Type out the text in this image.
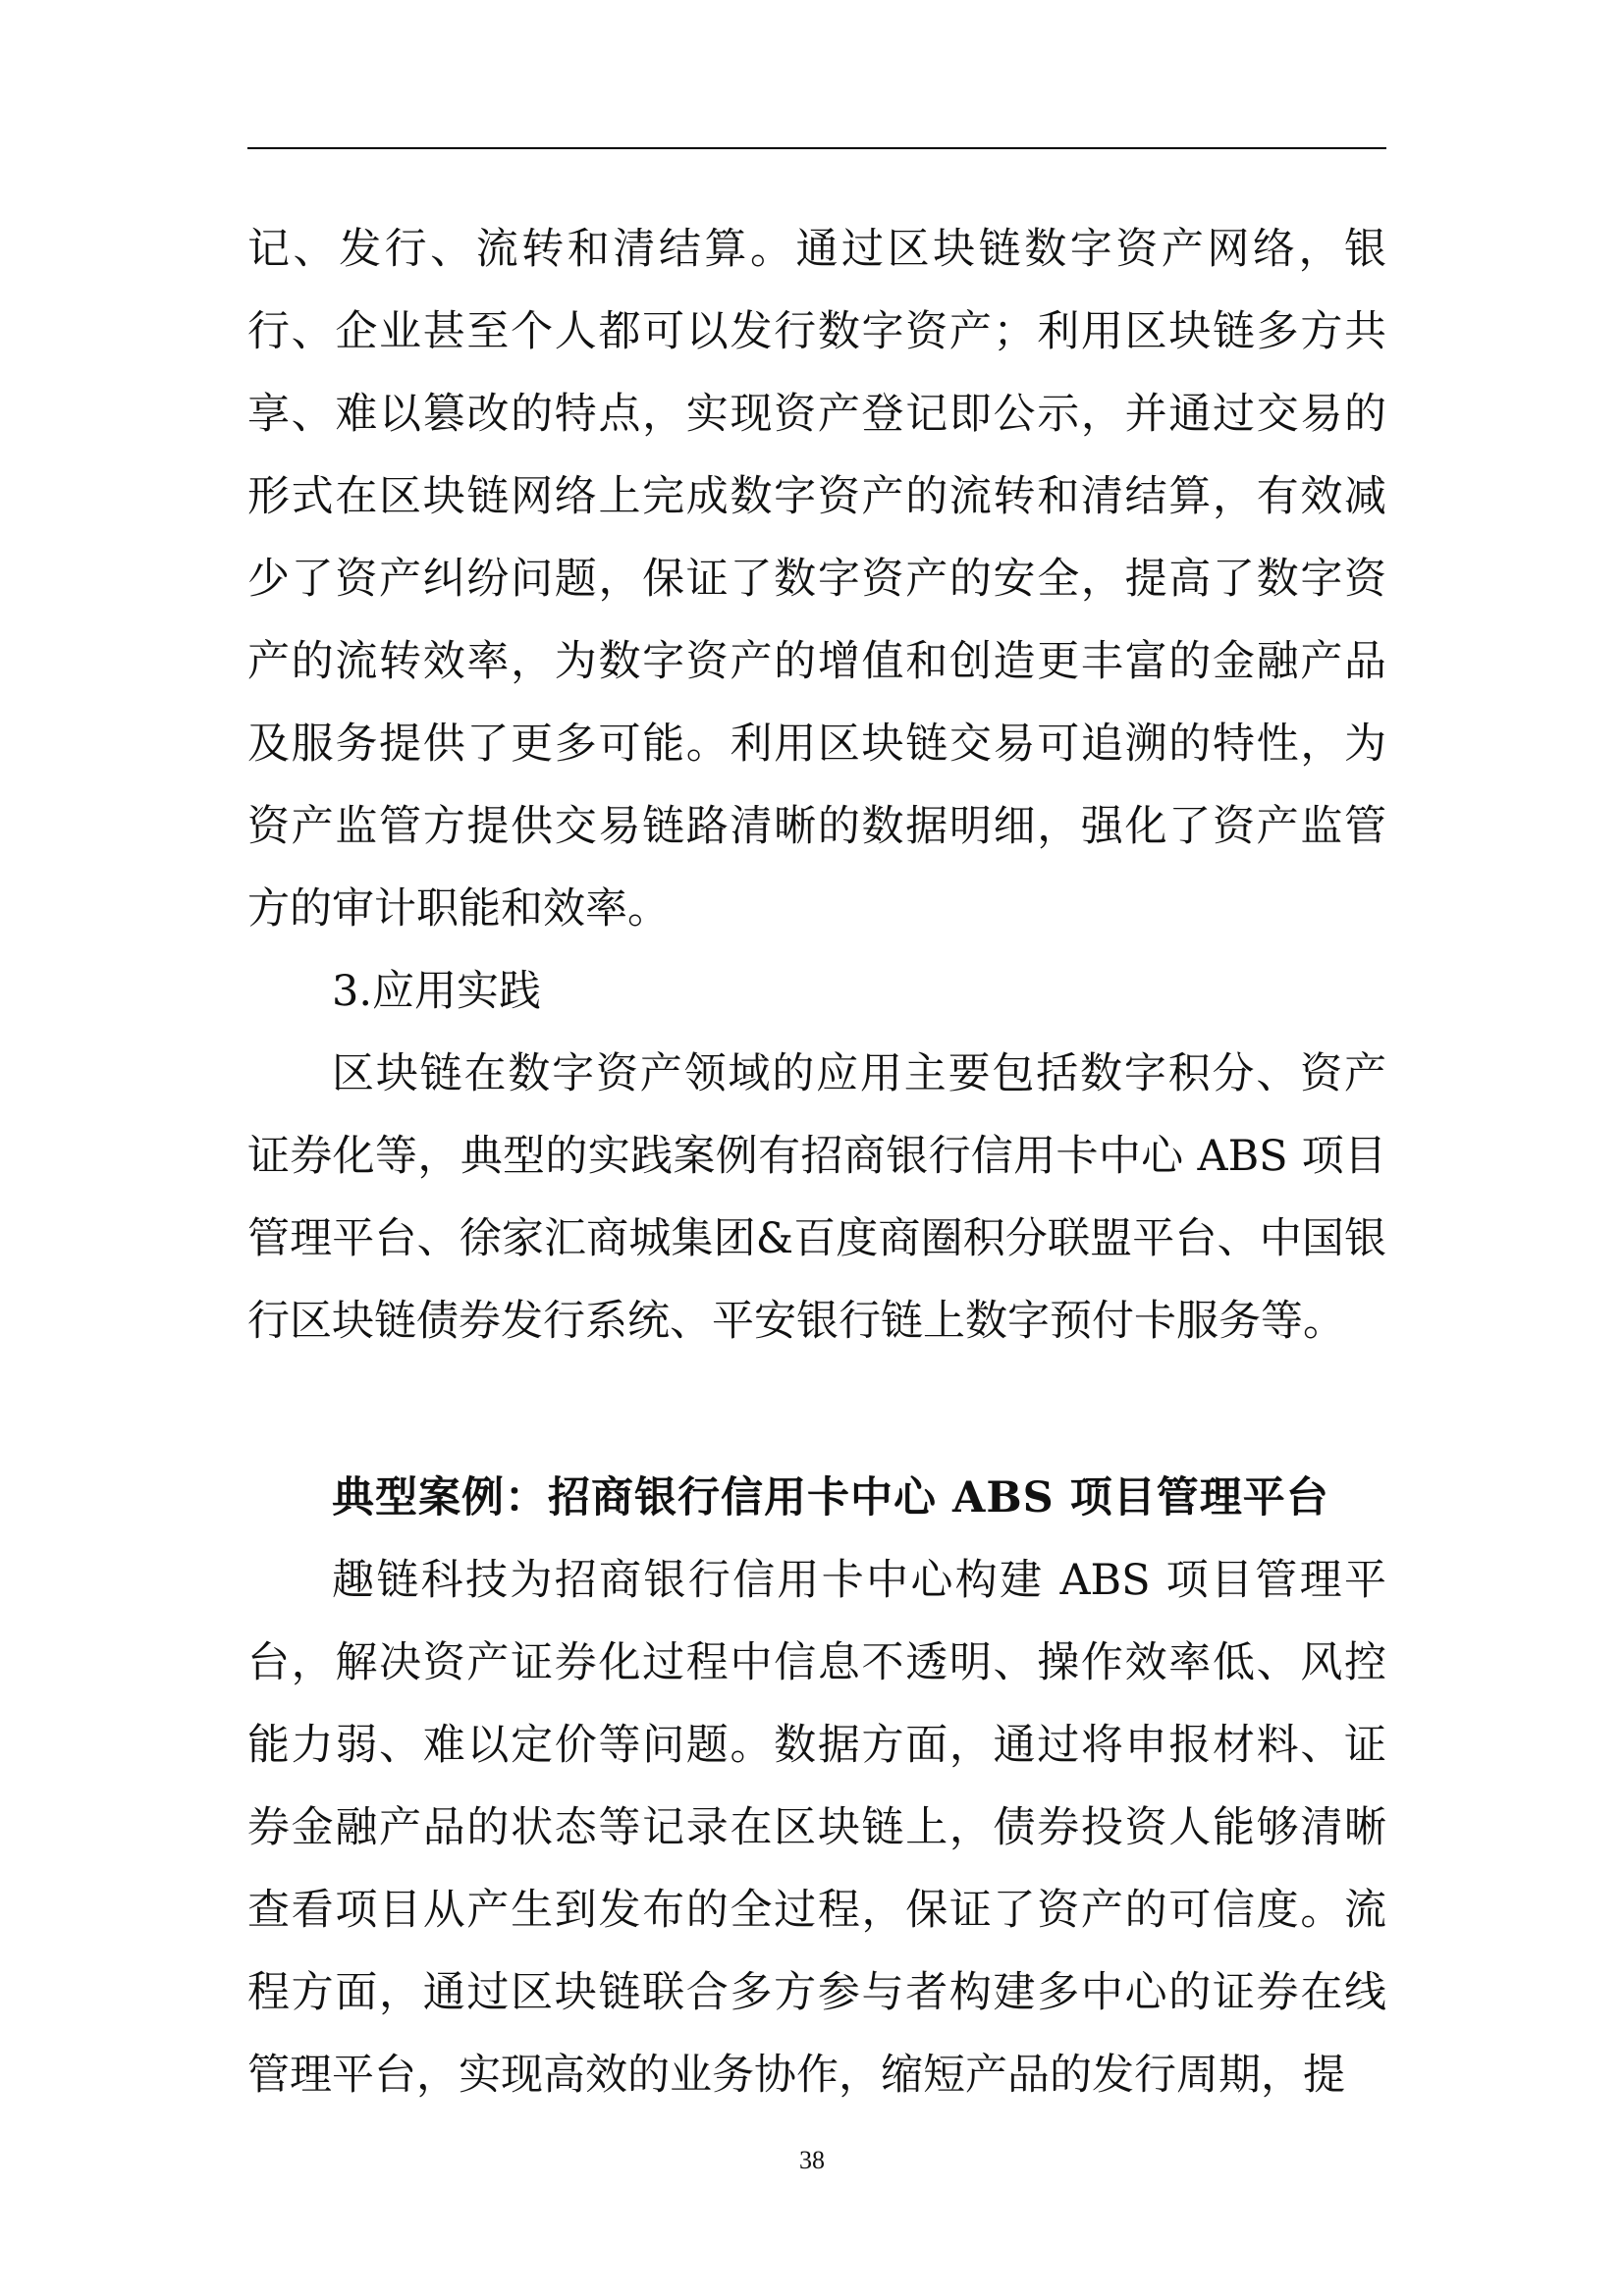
记、发行、流转和清结算。通过区块链数字资产网络，银行、企业甚至个人都可以发行数字资产；利用区块链多方共享、难以篡改的特点，实现资产登记即公示，并通过交易的形式在区块链网络上完成数字资产的流转和清结算，有效减少了资产纠纷问题，保证了数字资产的安全，提高了数字资产的流转效率，为数字资产的增值和创造更丰富的金融产品及服务提供了更多可能。利用区块链交易可追溯的特性，为资产监管方提供交易链路清晰的数据明细，强化了资产监管方的审计职能和效率。

3.应用实践

区块链在数字资产领域的应用主要包括数字积分、资产证券化等，典型的实践案例有招商银行信用卡中心 ABS 项目管理平台、徐家汇商城集团&百度商圈积分联盟平台、中国银行区块链债券发行系统、平安银行链上数字预付卡服务等。

典型案例：招商银行信用卡中心 ABS 项目管理平台

趣链科技为招商银行信用卡中心构建 ABS 项目管理平台，解决资产证券化过程中信息不透明、操作效率低、风控能力弱、难以定价等问题。数据方面，通过将申报材料、证券金融产品的状态等记录在区块链上，债券投资人能够清晰查看项目从产生到发布的全过程，保证了资产的可信度。流程方面，通过区块链联合多方参与者构建多中心的证券在线管理平台，实现高效的业务协作，缩短产品的发行周期，提

38
